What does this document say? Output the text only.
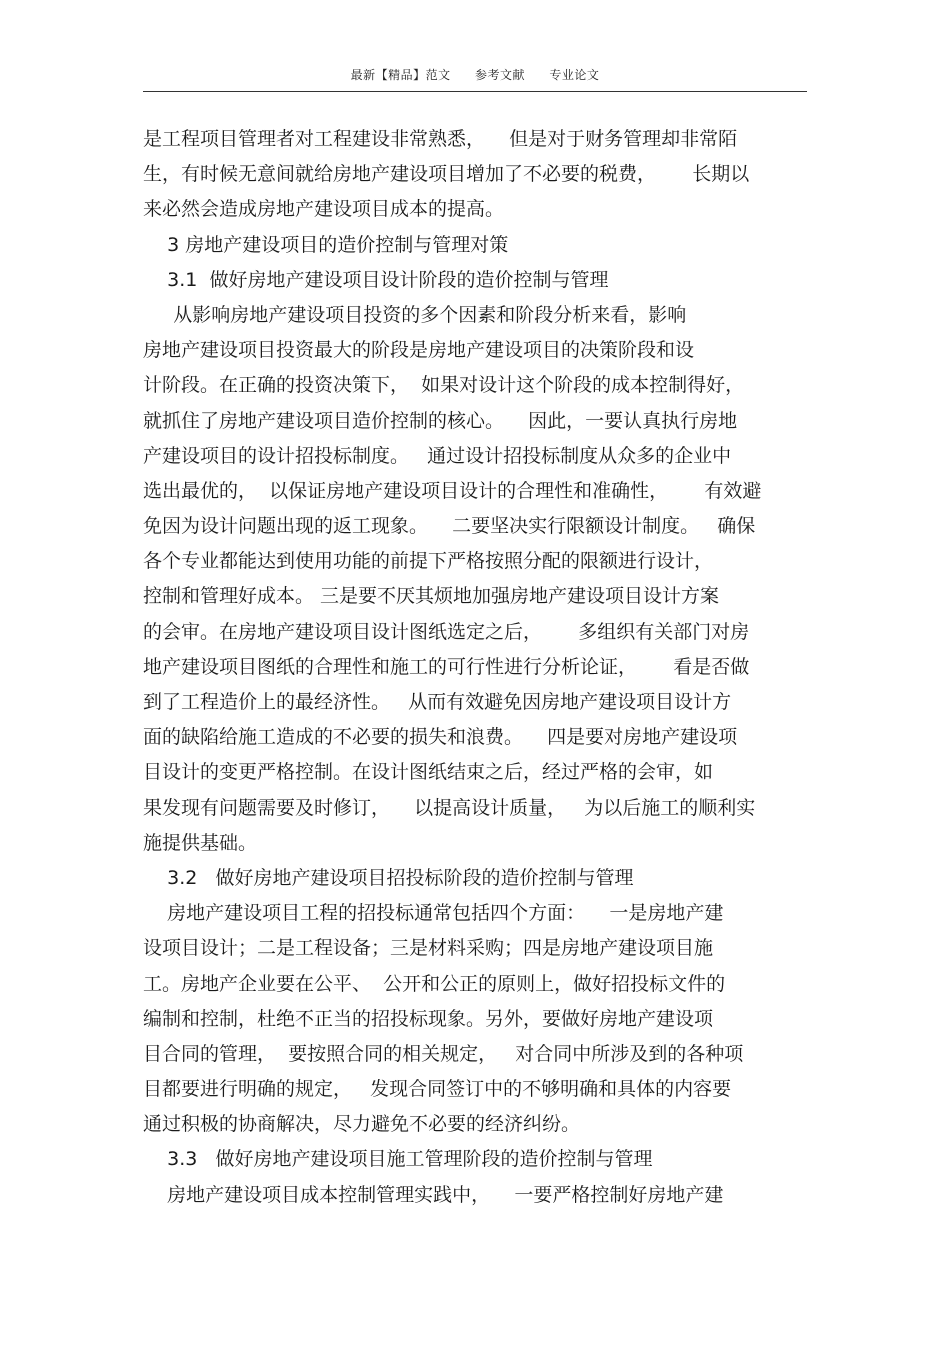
最新【精品】范文 参考文献 专业论文
是工程项目管理者对工程建设非常熟悉，    但是对于财务管理却非常陌
生，有时候无意间就给房地产建设项目增加了不必要的税费，      长期以
来必然会造成房地产建设项目成本的提高。
3 房地产建设项目的造价控制与管理对策
3.1  做好房地产建设项目设计阶段的造价控制与管理
从影响房地产建设项目投资的多个因素和阶段分析来看，影响
房地产建设项目投资最大的阶段是房地产建设项目的决策阶段和设
计阶段。在正确的投资决策下，  如果对设计这个阶段的成本控制得好，
就抓住了房地产建设项目造价控制的核心。    因此，一要认真执行房地
产建设项目的设计招投标制度。   通过设计招投标制度从众多的企业中
选出最优的，  以保证房地产建设项目设计的合理性和准确性，      有效避
免因为设计问题出现的返工现象。    二要坚决实行限额设计制度。   确保
各个专业都能达到使用功能的前提下严格按照分配的限额进行设计，
控制和管理好成本。 三是要不厌其烦地加强房地产建设项目设计方案
的会审。在房地产建设项目设计图纸选定之后，      多组织有关部门对房
地产建设项目图纸的合理性和施工的可行性进行分析论证，      看是否做
到了工程造价上的最经济性。   从而有效避免因房地产建设项目设计方
面的缺陷给施工造成的不必要的损失和浪费。    四是要对房地产建设项
目设计的变更严格控制。在设计图纸结束之后，经过严格的会审，如
果发现有问题需要及时修订，    以提高设计质量，   为以后施工的顺利实
施提供基础。
3.2   做好房地产建设项目招投标阶段的造价控制与管理
房地产建设项目工程的招投标通常包括四个方面：    一是房地产建
设项目设计；二是工程设备；三是材料采购；四是房地产建设项目施
工。房地产企业要在公平、  公开和公正的原则上，做好招投标文件的
编制和控制，杜绝不正当的招投标现象。另外，要做好房地产建设项
目合同的管理，  要按照合同的相关规定，   对合同中所涉及到的各种项
目都要进行明确的规定，   发现合同签订中的不够明确和具体的内容要
通过积极的协商解决，尽力避免不必要的经济纠纷。
3.3   做好房地产建设项目施工管理阶段的造价控制与管理
房地产建设项目成本控制管理实践中，    一要严格控制好房地产建
